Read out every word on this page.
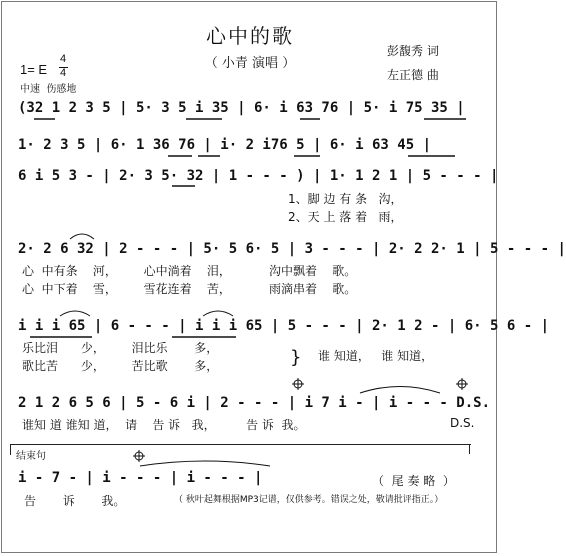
心中的歌
（ 小青 演唱 ）
彭馥秀 词
左正德 曲
1= E
4
4
中速  伤感地
(32 1 2 3 5 | 5· 3 5 i 35 | 6· i 63 76 | 5· i 75 35 |
1· 2 3 5 | 6· 1 36 76 | i· 2 i76 5 | 6· i 63 45 |
6 i 5 3 - | 2· 3 5· 32 | 1 - - - ) | 1· 1 2 1 | 5 - - - |
1、脚 边 有 条   沟，
2、天 上 落 着   雨，
2· 2 6 32 | 2 - - - | 5· 5 6· 5 | 3 - - - | 2· 2 2· 1 | 5 - - - |
心  中有条    河，       心中淌着    泪，          沟中飘着    歌。
心  中下着    雪，       雪花连着    苦，          雨滴串着    歌。
i i i 65 | 6 - - - | i i i 65 | 5 - - - | 2· 1 2 - | 6· 5 6 - |
乐比泪      少，       泪比乐       多，
歌比苦      少，       苦比歌       多，	} 谁 知道，   谁 知道，
2 1 2 6 5 6 | 5 - 6 i | 2 - - - | i 7 i - | i - - - D.S.
谁知 道 谁知 道，  请    告 诉   我，        告 诉  我。	D.S.
结束句
i - 7 - | i - - - | i - - - |	（  尾 奏 略  ）
告       诉       我。	（ 秋叶起舞根据MP3记谱，仅供参考。错误之处，敬请批评指正。）
